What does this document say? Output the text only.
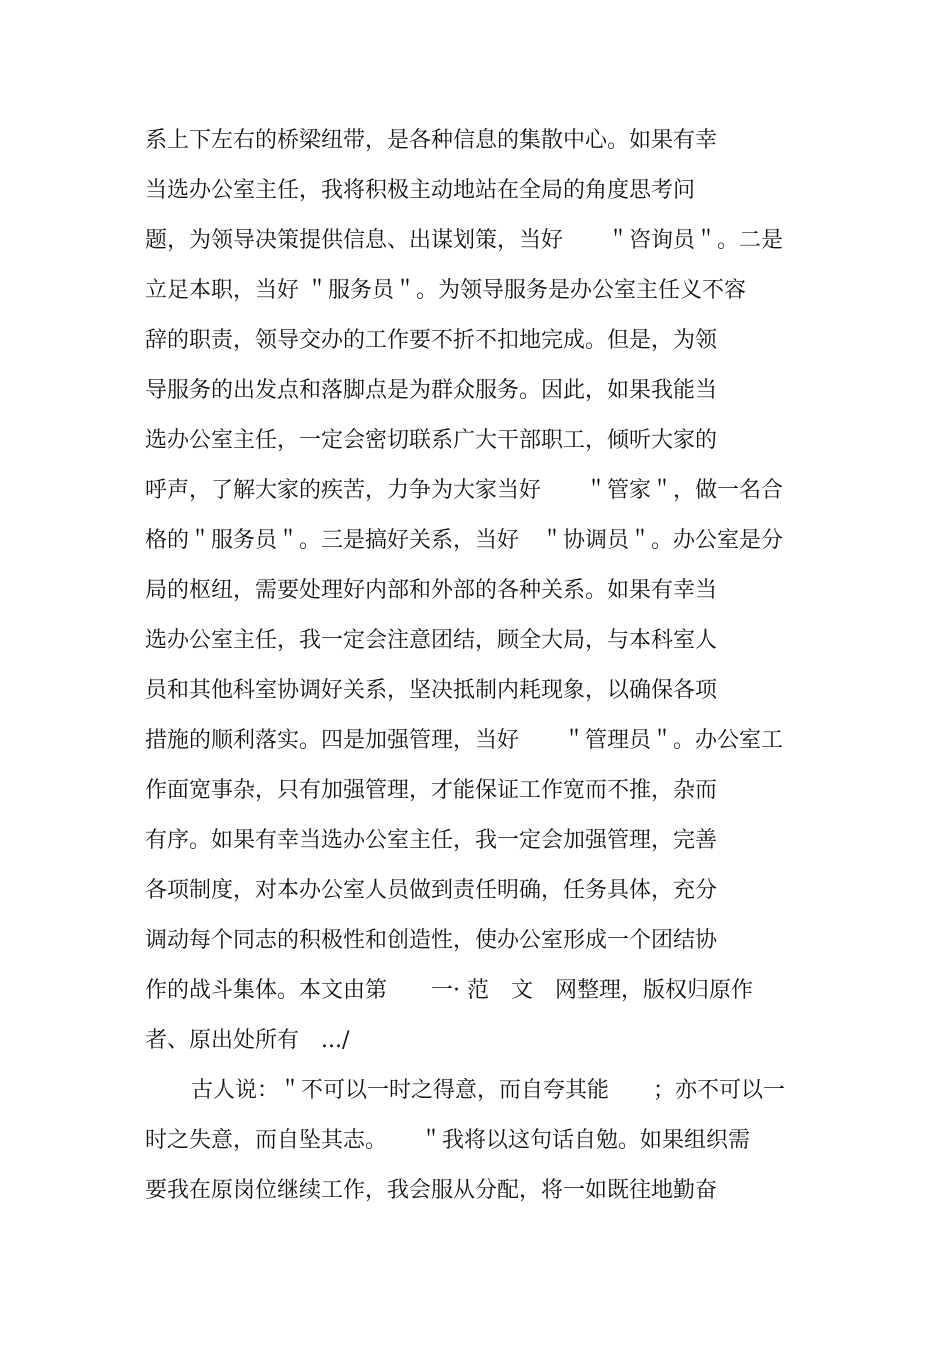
系上下左右的桥梁纽带，是各种信息的集散中心。如果有幸
当选办公室主任，我将积极主动地站在全局的角度思考问
题，为领导决策提供信息、出谋划策，当好　　＂咨询员＂。二是
立足本职，当好 ＂服务员＂。为领导服务是办公室主任义不容
辞的职责，领导交办的工作要不折不扣地完成。但是，为领
导服务的出发点和落脚点是为群众服务。因此，如果我能当
选办公室主任，一定会密切联系广大干部职工，倾听大家的
呼声，了解大家的疾苦，力争为大家当好　　＂管家＂，做一名合
格的＂服务员＂。三是搞好关系，当好　＂协调员＂。办公室是分
局的枢纽，需要处理好内部和外部的各种关系。如果有幸当
选办公室主任，我一定会注意团结，顾全大局，与本科室人
员和其他科室协调好关系，坚决抵制内耗现象，以确保各项
措施的顺利落实。四是加强管理，当好　　＂管理员＂。办公室工
作面宽事杂，只有加强管理，才能保证工作宽而不推，杂而
有序。如果有幸当选办公室主任，我一定会加强管理，完善
各项制度，对本办公室人员做到责任明确，任务具体，充分
调动每个同志的积极性和创造性，使办公室形成一个团结协
作的战斗集体。本文由第　　一· 范　文　网整理，版权归原作
者、原出处所有　.../
古人说：＂不可以一时之得意，而自夸其能　　；亦不可以一
时之失意，而自坠其志。　　＂我将以这句话自勉。如果组织需
要我在原岗位继续工作，我会服从分配，将一如既往地勤奋
